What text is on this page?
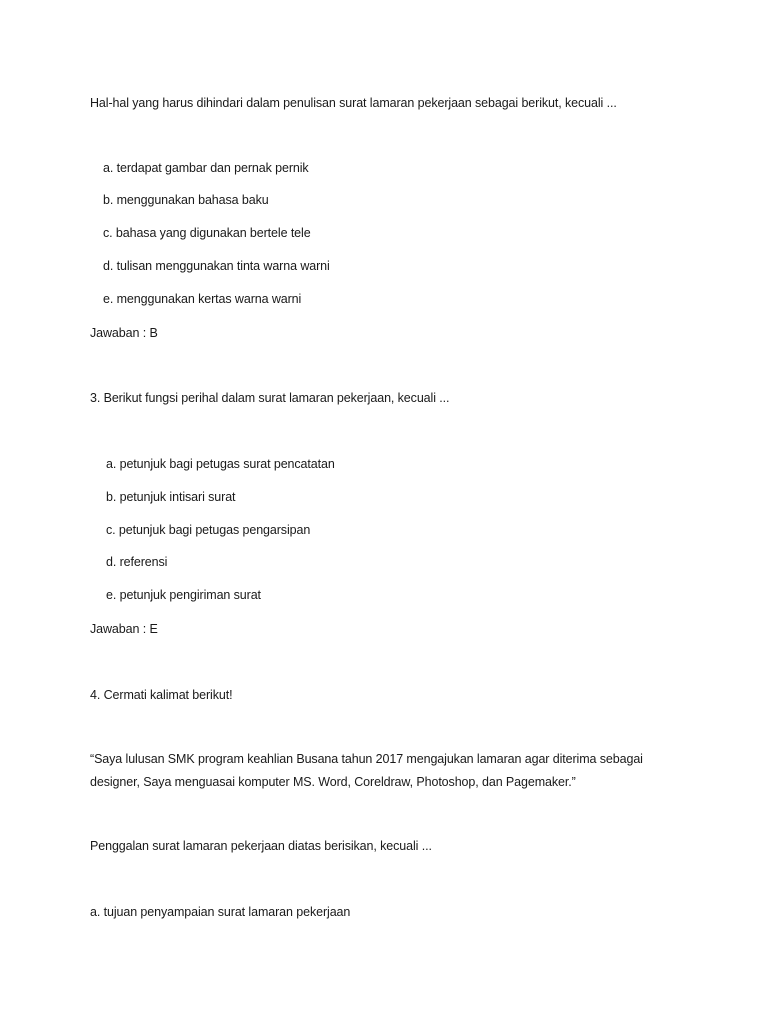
Hal-hal yang harus dihindari dalam penulisan surat lamaran pekerjaan sebagai berikut, kecuali ...
a. terdapat gambar dan pernak pernik
b. menggunakan bahasa baku
c. bahasa yang digunakan bertele tele
d. tulisan menggunakan tinta warna warni
e. menggunakan kertas warna warni
Jawaban : B
3. Berikut fungsi perihal dalam surat lamaran pekerjaan, kecuali ...
a. petunjuk bagi petugas surat pencatatan
b. petunjuk intisari surat
c. petunjuk bagi petugas pengarsipan
d. referensi
e. petunjuk pengiriman surat
Jawaban : E
4. Cermati kalimat berikut!
“Saya lulusan SMK program keahlian Busana tahun 2017 mengajukan lamaran agar diterima sebagai
designer, Saya menguasai komputer MS. Word, Coreldraw, Photoshop, dan Pagemaker.”
Penggalan surat lamaran pekerjaan diatas berisikan, kecuali ...
a. tujuan penyampaian surat lamaran pekerjaan
